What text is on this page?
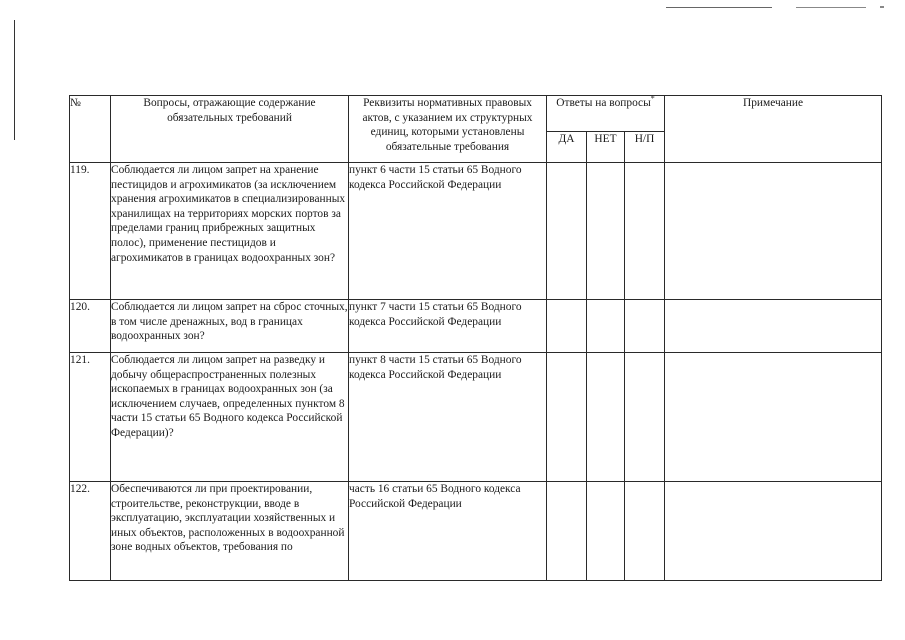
№	Вопросы, отражающие содержание обязательных требований	Реквизиты нормативных правовых актов, с указанием их структурных единиц, которыми установлены обязательные требования	Ответы на вопросы*			Примечание
			ДА	НЕТ	Н/П	
119.	Соблюдается ли лицом запрет на хранение пестицидов и агрохимикатов (за исключением хранения агрохимикатов в специализированных хранилищах на территориях морских портов за пределами границ прибрежных защитных полос), применение пестицидов и агрохимикатов в границах водоохранных зон?	пункт 6 части 15 статьи 65 Водного кодекса Российской Федерации				
120.	Соблюдается ли лицом запрет на сброс сточных, в том числе дренажных, вод в границах водоохранных зон?	пункт 7 части 15 статьи 65 Водного кодекса Российской Федерации				
121.	Соблюдается ли лицом запрет на разведку и добычу общераспространенных полезных ископаемых в границах водоохранных зон (за исключением случаев, определенных пунктом 8 части 15 статьи 65 Водного кодекса Российской Федерации)?	пункт 8 части 15 статьи 65 Водного кодекса Российской Федерации				
122.	Обеспечиваются ли при проектировании, строительстве, реконструкции, вводе в эксплуатацию, эксплуатации хозяйственных и иных объектов, расположенных в водоохранной зоне водных объектов, требования по	часть 16 статьи 65 Водного кодекса Российской Федерации				
